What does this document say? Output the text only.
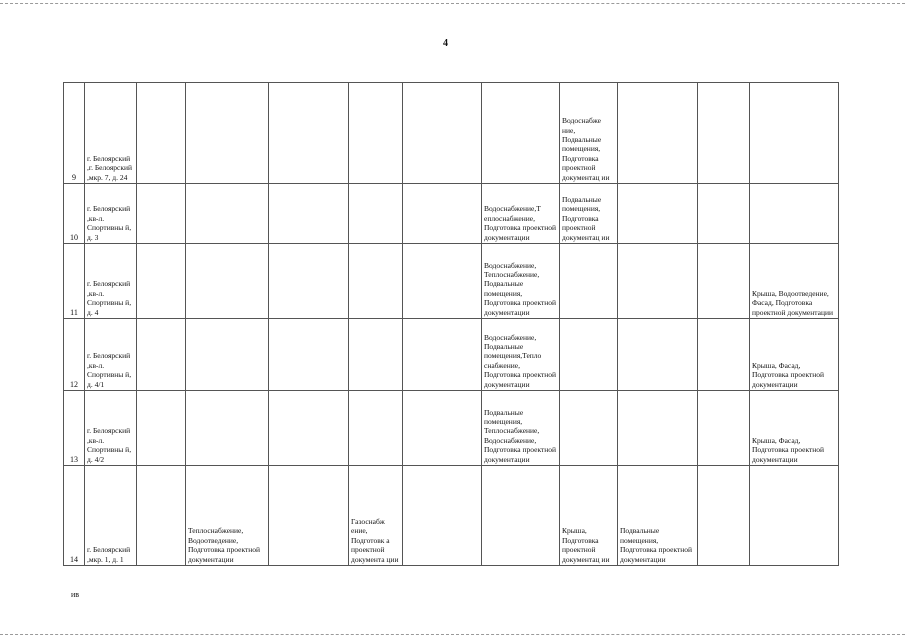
4
9	г. Белоярский ,г. Белоярский ,мкр. 7, д. 24							Водоснабже ние, Подвальные помещения, Подготовка проектной документац ии			
10	г. Белоярский ,кв-л. Спортивны й, д. 3						Водоснабжение,Т еплоснабжение, Подготовка проектной документации	Подвальные помещения, Подготовка проектной документац ии			
11	г. Белоярский ,кв-л. Спортивны й, д. 4						Водоснабжение, Теплоснабжение, Подвальные помещения, Подготовка проектной документации				Крыша, Водоотведение, Фасад, Подготовка проектной документации
12	г. Белоярский ,кв-л. Спортивны й, д. 4/1						Водоснабжение, Подвальные помещения,Тепло снабжение, Подготовка проектной документации				Крыша, Фасад, Подготовка проектной документации
13	г. Белоярский ,кв-л. Спортивны й, д. 4/2						Подвальные помещения, Теплоснабжение, Водоснабжение, Подготовка проектной документации				Крыша, Фасад, Подготовка проектной документации
14	г. Белоярский ,мкр. 1, д. 1		Теплоснабжение, Водоотведение, Подготовка проектной документации		Газоснабж ение, Подготовк а проектной документа ции			Крыша, Подготовка проектной документац ии	Подвальные помещения, Подготовка проектной документации		
ив
